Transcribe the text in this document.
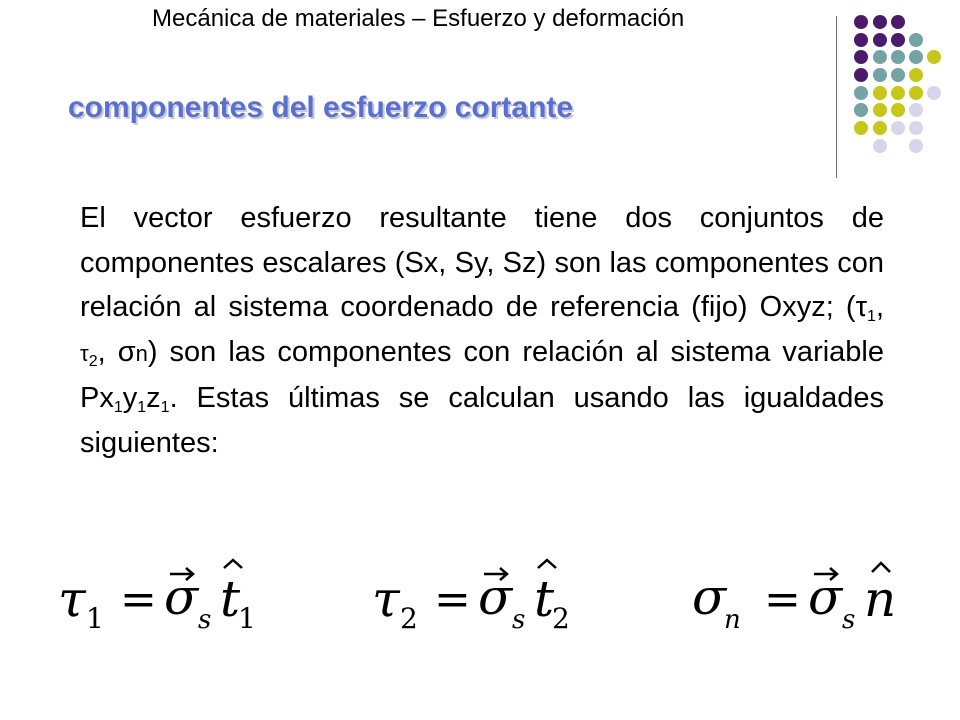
Mecánica de materiales – Esfuerzo y deformación
componentes del esfuerzo cortante
El vector esfuerzo resultante tiene dos conjuntos de componentes escalares (Sx, Sy, Sz) son las componentes con relación al sistema coordenado de referencia (fijo) Oxyz; ($\tau_1$, $\tau_2$, σn) son las componentes con relación al sistema variable $Px_1y_1z_1$. Estas últimas se calculan usando las igualdades siguientes:
τ 1 = σ s t
1 τ 2 = σ s t
2 σ
n = σ s n
